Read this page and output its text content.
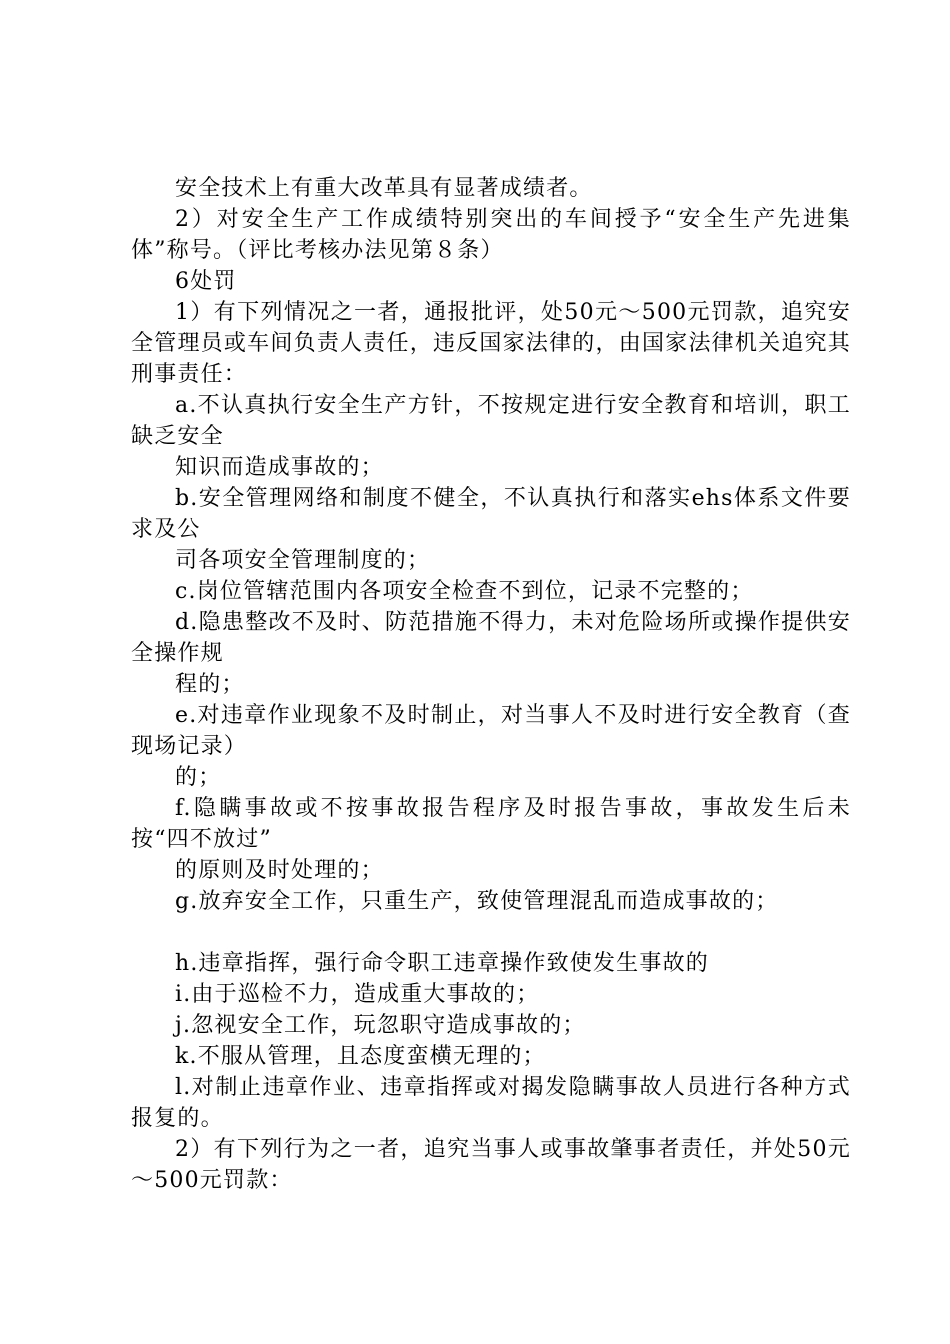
安全技术上有重大改革具有显著成绩者。

2）对安全生产工作成绩特别突出的车间授予“安全生产先进集体”称号。（评比考核办法见第８条）

6处罚

1）有下列情况之一者，通报批评，处50元～500元罚款，追究安全管理员或车间负责人责任，违反国家法律的，由国家法律机关追究其刑事责任：

a.不认真执行安全生产方针，不按规定进行安全教育和培训，职工缺乏安全

知识而造成事故的；

b.安全管理网络和制度不健全，不认真执行和落实ehs体系文件要求及公

司各项安全管理制度的；

c.岗位管辖范围内各项安全检查不到位，记录不完整的；

d.隐患整改不及时、防范措施不得力，未对危险场所或操作提供安全操作规

程的；

e.对违章作业现象不及时制止，对当事人不及时进行安全教育（查现场记录）

的；

f.隐瞒事故或不按事故报告程序及时报告事故，事故发生后未按“四不放过”

的原则及时处理的；

g.放弃安全工作，只重生产，致使管理混乱而造成事故的；

h.违章指挥，强行命令职工违章操作致使发生事故的

i.由于巡检不力，造成重大事故的；

j.忽视安全工作，玩忽职守造成事故的；

k.不服从管理，且态度蛮横无理的；

l.对制止违章作业、违章指挥或对揭发隐瞒事故人员进行各种方式报复的。

2）有下列行为之一者，追究当事人或事故肇事者责任，并处50元～500元罚款：
